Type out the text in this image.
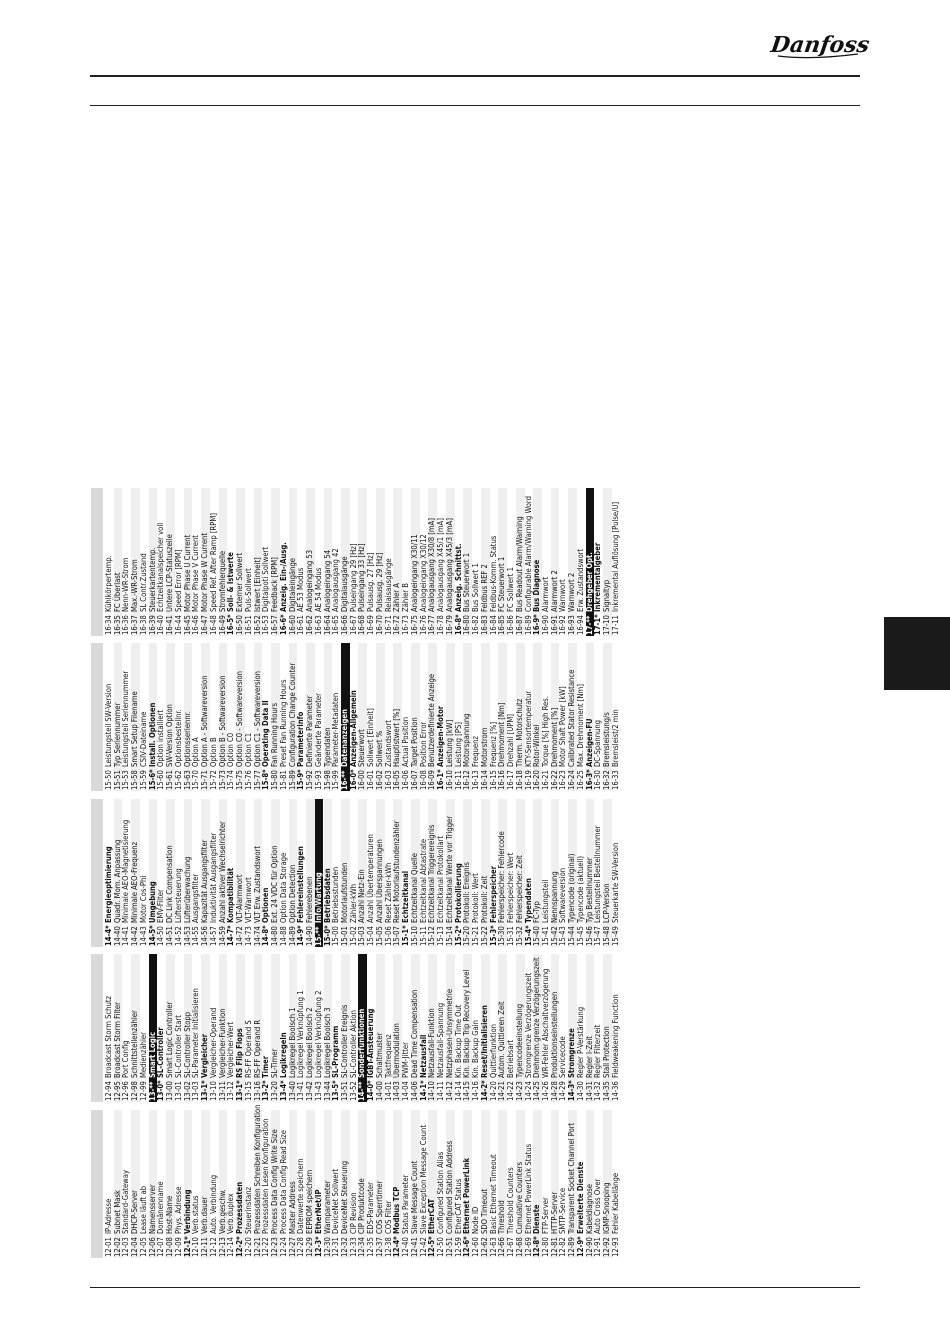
Danfoss
12-01
IP-Adresse
12-02
Subnet Mask
12-03
Standard-Gateway
12-04
DHCP-Server
12-05
Lease läuft ab
12-06
Namensserver
12-07
Domänenname
12-08
Host-Name
12-09
Phys. Adresse
12-1*
Verbindung
12-10
Verb.status
12-11
Verb.dauer
12-12
Auto. Verbindung
12-13
Verb.geschw.
12-14
Verb.duplex
12-2*
Prozessdaten
12-20
Steuerinstanz
12-21
Prozessdaten Schreiben Konfiguration
12-22
Prozessdaten Lesen Konfiguration
12-23
Process Data Config Write Size
12-24
Process Data Config Read Size
12-27
Master Address
12-28
Datenwerte speichern
12-29
EEPROM speichern
12-3*
EtherNet/IP
12-30
Warnparameter
12-31
DeviceNet Sollwert
12-32
DeviceNet Steuerung
12-33
CIP Revision
12-34
CIP Produktcode
12-35
EDS-Parameter
12-37
COS Sperrtimer
12-38
COS Filter
12-4*
Modbus TCP
12-40
Status Parameter
12-41
Slave Message Count
12-42
Slave Exception Message Count
12-5*
EtherCAT
12-50
Configured Station Alias
12-51
Configured Station Address
12-59
EtherCAT Status
12-6*
Ethernet PowerLink
12-60
Node ID
12-62
SDO Timeout
12-63
Basic Ethernet Timeout
12-66
Threshold
12-67
Threshold Counters
12-68
Cumulative Counters
12-69
Ethernet PowerLink Status
12-8*
Dienste
12-80
FTP-Server
12-81
HTTP-Server
12-82
SMTP-Service
12-89
Transparent Socket Channel Port
12-9*
Erweiterte Dienste
12-90
Kabeldiagnose
12-91
Auto Cross Over
12-92
IGMP-Snooping
12-93
Fehler Kabellänge
12-94
Broadcast Storm Schutz
12-95
Broadcast Storm Filter
12-96
Port Config
12-98
Schnittstellenzähler
12-99
Medienzähler
13-**
Smart Logic
13-0*
SL-Controller
13-00
Smart Logic Controller
13-01
SL-Controller Start
13-02
SL-Controller Stopp
13-03
SL-Parameter Initialisieren
13-1*
Vergleicher
13-10
Vergleicher-Operand
13-11
Vergleicher-Funktion
13-12
Vergleicher-Wert
13-1*
RS Flip Flops
13-15
RS-FF Operand S
13-16
RS-FF Operand R
13-2*
Timer
13-20
SL-Timer
13-4*
Logikregeln
13-40
Logikregel Boolsch 1
13-41
Logikregel Verknüpfung 1
13-42
Logikregel Boolsch 2
13-43
Logikregel Verknüpfung 2
13-44
Logikregel Boolsch 3
13-5*
SL-Programm
13-51
SL-Controller Ereignis
13-52
SL-Controller Aktion
14-**
Sonderfunktionen
14-0*
IGBT-Ansteuerung
14-00
Schaltmuster
14-01
Taktfrequenz
14-03
Übermodulation
14-04
PWM-Jitter
14-06
Dead Time Compensation
14-1*
Netzausfall
14-10
Netzausfall-Funktion
14-11
Netzausfall-Spannung
14-12
Netzphasen-Unsymmetrie
14-14
Kin. Backup Time Out
14-15
Kin. Backup Trip Recovery Level
14-16
Kin. Backup Gain
14-2*
Reset/Initialisieren
14-20
Quittierfunktion
14-21
Autom. Quittieren Zeit
14-22
Betriebsart
14-23
Typencodeeinstellung
14-24
Stromgrenze Verzögerungszeit
14-25
Drehmom.grenze Verzögerungszeit
14-26
WR-Fehler Abschaltverzögerung
14-28
Produktionseinstellungen
14-29
Servicecode
14-3*
Stromgrenze
14-30
Regler P-Verstärkung
14-31
Regler I-Zeit
14-32
Regler Filterzeit
14-35
Stall Protection
14-36
Fieldweakening Function
14-4*
Energieoptimierung
14-40
Quadr. Mom. Anpassung
14-41
Minimale AEO-Magnetisierung
14-42
Minimale AEO-Frequenz
14-43
Motor Cos-Phi
14-5*
Umgebung
14-50
EMV-Filter
14-51
DC Link Compensation
14-52
Lüftersteuerung
14-53
Lüfterüberwachung
14-55
Ausgangsfilter
14-56
Kapazität Ausgangsfilter
14-57
Induktivität Ausgangsfilter
14-59
Anzahl aktiver Wechselrichter
14-7*
Kompatibilität
14-72
VLT-Alarmwort
14-73
VLT-Warnwort
14-74
VLT Erw. Zustandswort
14-8*
Optionen
14-80
Ext. 24 VDC für Option
14-88
Option Data Storage
14-89
Option Detection
14-9*
Fehlereinstellungen
14-90
Fehlerebenen
15-**
Info/Wartung
15-0*
Betriebsdaten
15-00
Betriebsstunden
15-01
Motorlaufstunden
15-02
Zähler-kWh
15-03
Anzahl Netz-Ein
15-04
Anzahl Übertemperaturen
15-05
Anzahl Überspannungen
15-06
Reset Zähler-kWh
15-07
Reset Motorlaufstundenzähler
15-1*
Echtzeitkanal
15-10
Echtzeitkanal Quelle
15-11
Echtzeitkanal Abtastrate
15-12
Echtzeitkanal Triggerereignis
15-13
Echtzeitkanal Protokollart
15-14
Echtzeitkanal Werte vor Trigger
15-2*
Protokollierung
15-20
Protokoll: Ereignis
15-21
Protokoll: Wert
15-22
Protokoll: Zeit
15-3*
Fehlerspeicher
15-30
Fehlerspeicher: Fehlercode
15-31
Fehlerspeicher: Wert
15-32
Fehlerspeicher: Zeit
15-4*
Typendaten
15-40
FC-Typ
15-41
Leistungsteil
15-42
Nennspannung
15-43
Softwareversion
15-44
Typencode (original)
15-45
Typencode (aktuell)
15-46
Typ Bestellnummer
15-47
Leistungsteil Bestellnummer
15-48
LCP-Version
15-49
Steuerkarte SW-Version
15-50
Leistungsteil SW-Version
15-51
Typ Seriennummer
15-53
Leistungsteil Seriennummer
15-58
Smart Setup Filename
15-59
CSIV-Dateiname
15-6*
Install. Optionen
15-60
Option installiert
15-61
SW-Version Option
15-62
Optionsbestellnr.
15-63
Optionsseriennr.
15-70
Option A
15-71
Option A - Softwareversion
15-72
Option B
15-73
Option B - Softwareversion
15-74
Option C0
15-75
Option C0 - Softwareversion
15-76
Option C1
15-77
Option C1 - Softwareversion
15-8*
Operating Data II
15-80
Fan Running Hours
15-81
Preset Fan Running Hours
15-89
Configuration Change Counter
15-9*
Parameterinfo
15-92
Definierte Parameter
15-93
Geänderte Parameter
15-98
Typendaten
15-99
Parameter-Metadaten
16-**
Datenanzeigen
16-0*
Anzeigen-Allgemein
16-00
Steuerwort
16-01
Sollwert [Einheit]
16-02
Sollwert %
16-03
Zustandswort
16-05
Hauptistwert [%]
16-06
Actual Position
16-07
Target Position
16-08
Position Error
16-09
Benutzerdefinierte Anzeige
16-1*
Anzeigen-Motor
16-10
Leistung [kW]
16-11
Leistung [PS]
16-12
Motorspannung
16-13
Frequenz
16-14
Motorstrom
16-15
Frequenz [%]
16-16
Drehmoment [Nm]
16-17
Drehzahl [UPM]
16-18
Therm. Motorschutz
16-19
KTY-Sensortemperatur
16-20
Rotor-Winkel
16-21
Torque [%] High Res.
16-22
Drehmoment [%]
16-23
Motor Shaft Power [kW]
16-24
Calibrated Stator Resistance
16-25
Max. Drehmoment [Nm]
16-3*
Anzeigen-FU
16-30
DC-Spannung
16-32
Bremsleistung/s
16-33
Bremsleist/2 min
16-34
Kühlkörpertemp.
16-35
FC Überlast
16-36
Nenn-WR-Strom
16-37
Max.-WR-Strom
16-38
SL Contr.Zustand
16-39
Steuerkartentemp.
16-40
Echtzeitkanalspeicher voll
16-41
Untere LCP-Statuszeile
16-44
Speed Error [RPM]
16-45
Motor Phase U Current
16-46
Motor Phase V Current
16-47
Motor Phase W Current
16-48
Speed Ref. After Ramp [RPM]
16-49
Stromfehlerquelle
16-5*
Soll- & Istwerte
16-50
Externer Sollwert
16-51
Puls-Sollwert
16-52
Istwert [Einheit]
16-53
Digitalpoti Sollwert
16-57
Feedback [RPM]
16-6*
Anzeig. Ein-/Ausg.
16-60
Digitaleingänge
16-61
AE 53 Modus
16-62
Analogeingang 53
16-63
AE 54 Modus
16-64
Analogeingang 54
16-65
Analogausgang 42
16-66
Digitalausgänge
16-67
Pulseingang 29 [Hz]
16-68
Pulseingang 33 [Hz]
16-69
Pulsausg. 27 [Hz]
16-70
Pulsausg. 29 [Hz]
16-71
Relaisausgänge
16-72
Zähler A
16-73
Zähler B
16-75
Analogeingang X30/11
16-76
Analogeingang X30/12
16-77
Analogausgang X30/8 [mA]
16-78
Analogausgang X45/1 [mA]
16-79
Analogausgang X45/3 [mA]
16-8*
Anzeig. Schnittst.
16-80
Bus Steuerwort 1
16-82
Bus Sollwert 1
16-83
Feldbus REF 2
16-84
Feldbus-Komm. Status
16-85
FC Steuerwort 1
16-86
FC Sollwert 1
16-87
Bus Readout Alarm/Warning
16-89
Configurable Alarm/Warning Word
16-9*
Bus Diagnose
16-90
Alarmwort
16-91
Alarmwort 2
16-92
Warnwort
16-93
Warnwort 2
16-94
Erw. Zustandswort
17-**
Drehgeber Opt.
17-1*
Inkrementalgeber
17-10
Signaltyp
17-11
Inkremental Auflösung [Pulse/U]
